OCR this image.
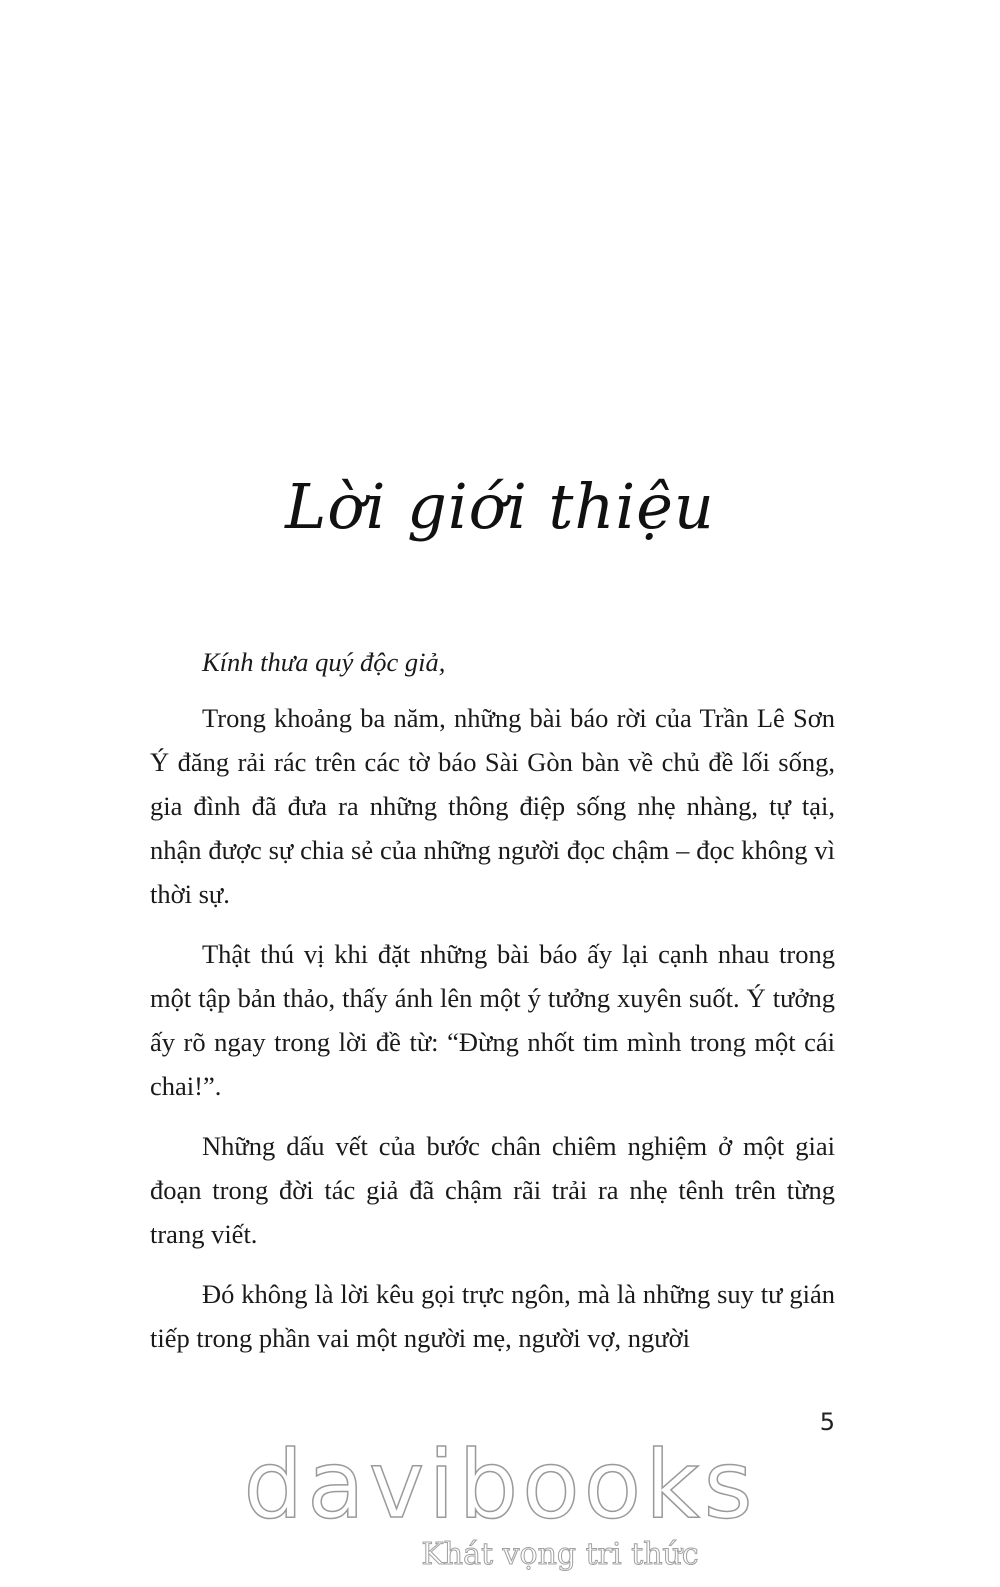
Lời giới thiệu

Kính thưa quý độc giả,

Trong khoảng ba năm, những bài báo rời của Trần Lê Sơn Ý đăng rải rác trên các tờ báo Sài Gòn bàn về chủ đề lối sống, gia đình đã đưa ra những thông điệp sống nhẹ nhàng, tự tại, nhận được sự chia sẻ của những người đọc chậm – đọc không vì thời sự.

Thật thú vị khi đặt những bài báo ấy lại cạnh nhau trong một tập bản thảo, thấy ánh lên một ý tưởng xuyên suốt. Ý tưởng ấy rõ ngay trong lời đề từ: “Đừng nhốt tim mình trong một cái chai!”.

Những dấu vết của bước chân chiêm nghiệm ở một giai đoạn trong đời tác giả đã chậm rãi trải ra nhẹ tênh trên từng trang viết.

Đó không là lời kêu gọi trực ngôn, mà là những suy tư gián tiếp trong phần vai một người mẹ, người vợ, người

5
davibooks
Khát vọng tri thức
